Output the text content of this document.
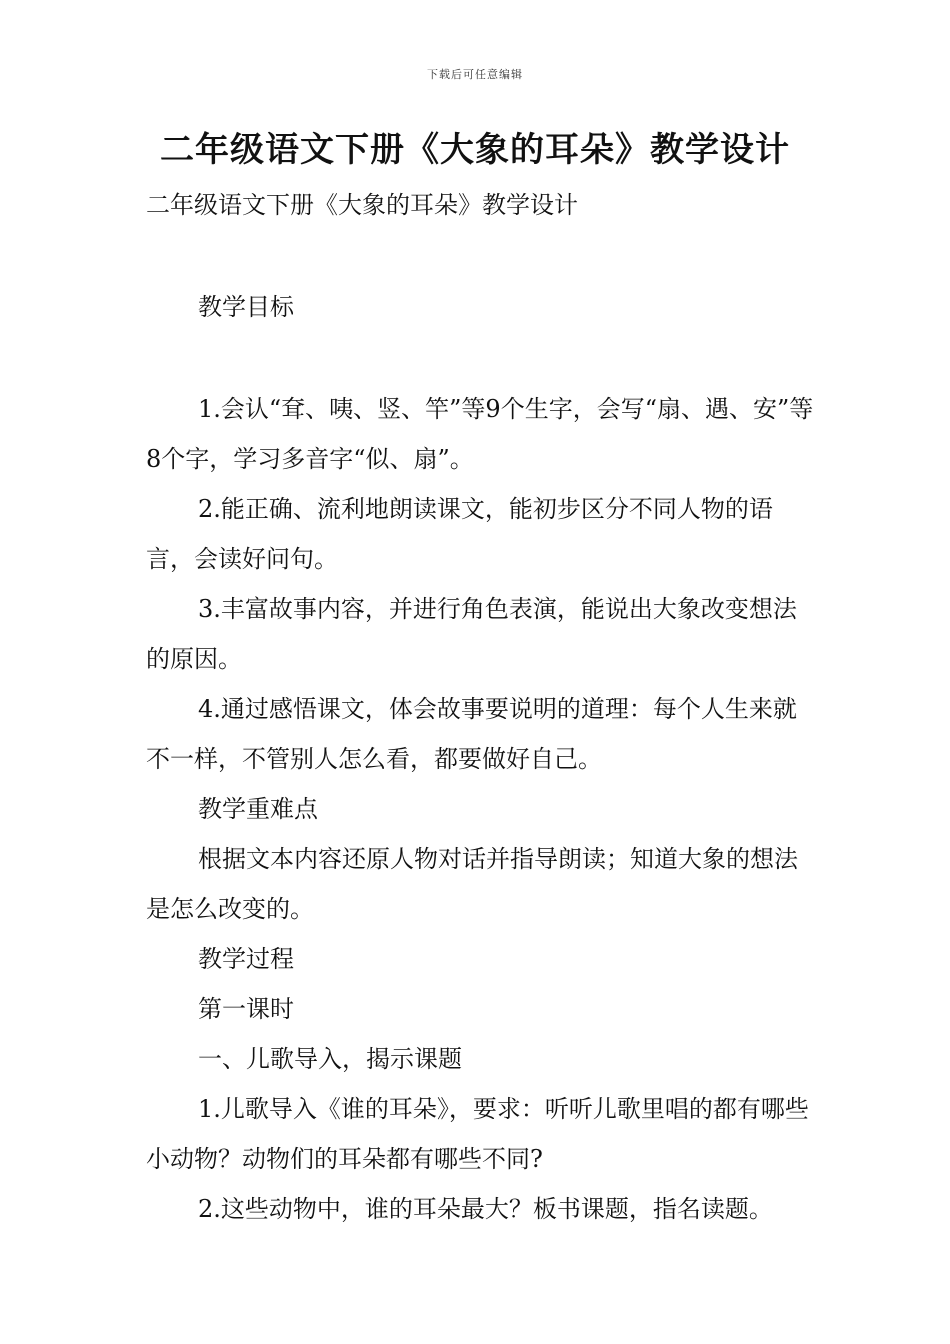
下载后可任意编辑
二年级语文下册《大象的耳朵》教学设计

二年级语文下册《大象的耳朵》教学设计

教学目标

1.会认“耷、咦、竖、竿”等9个生字，会写“扇、遇、安”等8个字，学习多音字“似、扇”。

2.能正确、流利地朗读课文，能初步区分不同人物的语言，会读好问句。

3.丰富故事内容，并进行角色表演，能说出大象改变想法的原因。

4.通过感悟课文，体会故事要说明的道理：每个人生来就不一样，不管别人怎么看，都要做好自己。

教学重难点

根据文本内容还原人物对话并指导朗读；知道大象的想法是怎么改变的。

教学过程

第一课时

一、儿歌导入，揭示课题

1.儿歌导入《谁的耳朵》，要求：听听儿歌里唱的都有哪些小动物？动物们的耳朵都有哪些不同?

2.这些动物中，谁的耳朵最大？板书课题，指名读题。
